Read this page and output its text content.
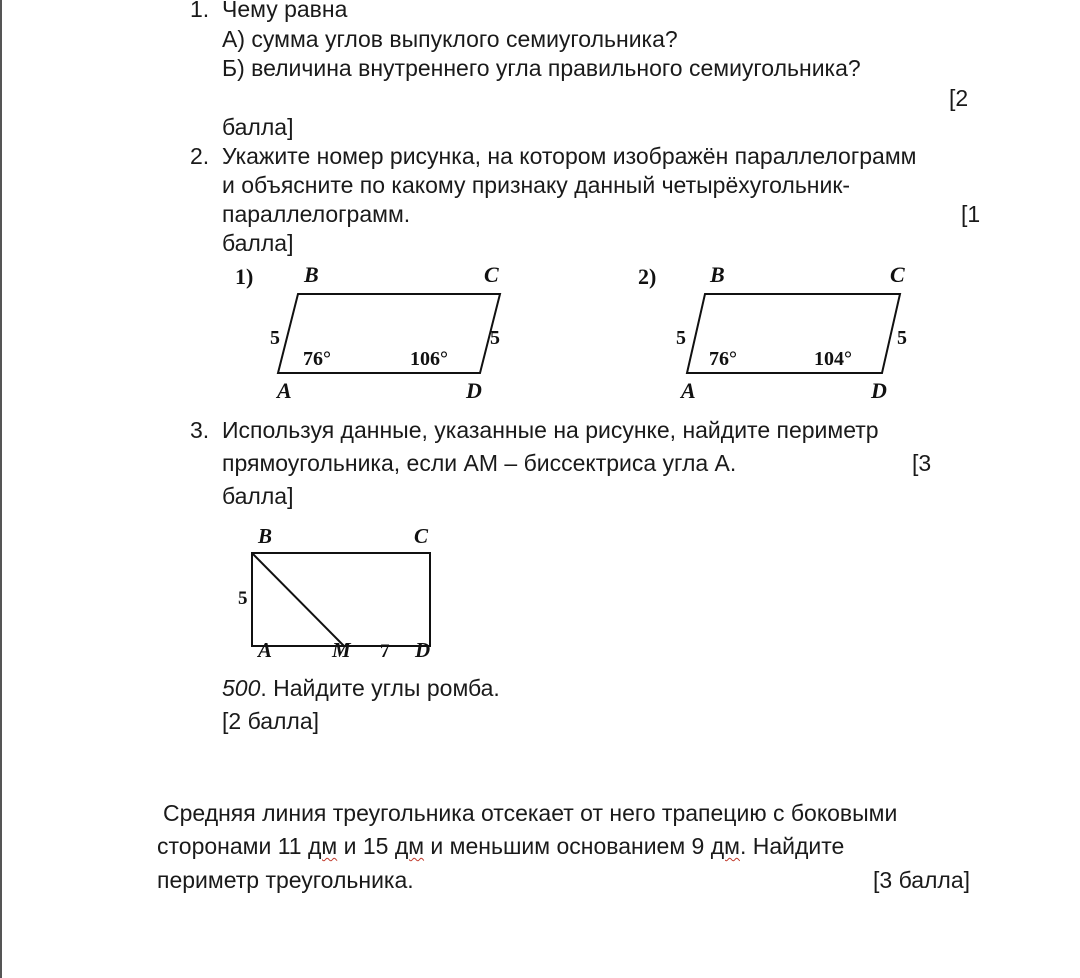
1. Чему равна
А) сумма углов выпуклого семиугольника?
Б) величина внутреннего угла правильного семиугольника?
[2
балла]
2. Укажите номер рисунка, на котором изображён параллелограмм
и объясните по какому признаку данный четырёхугольник-
параллелограмм.	[1
балла]
1) B	C
5	5
76°	106°
A	D
2) B	C
5	5
76°	104°
A	D
3. Используя данные, указанные на рисунке, найдите периметр
прямоугольника, если АМ – биссектриса угла А.	[3
балла]
B	C
5
A	M 7 D
500. Найдите углы ромба.
[2 балла]
Средняя линия треугольника отсекает от него трапецию с боковыми
сторонами 11 дм и 15 дм и меньшим основанием 9 дм. Найдите
периметр треугольника.	[3 балла]
